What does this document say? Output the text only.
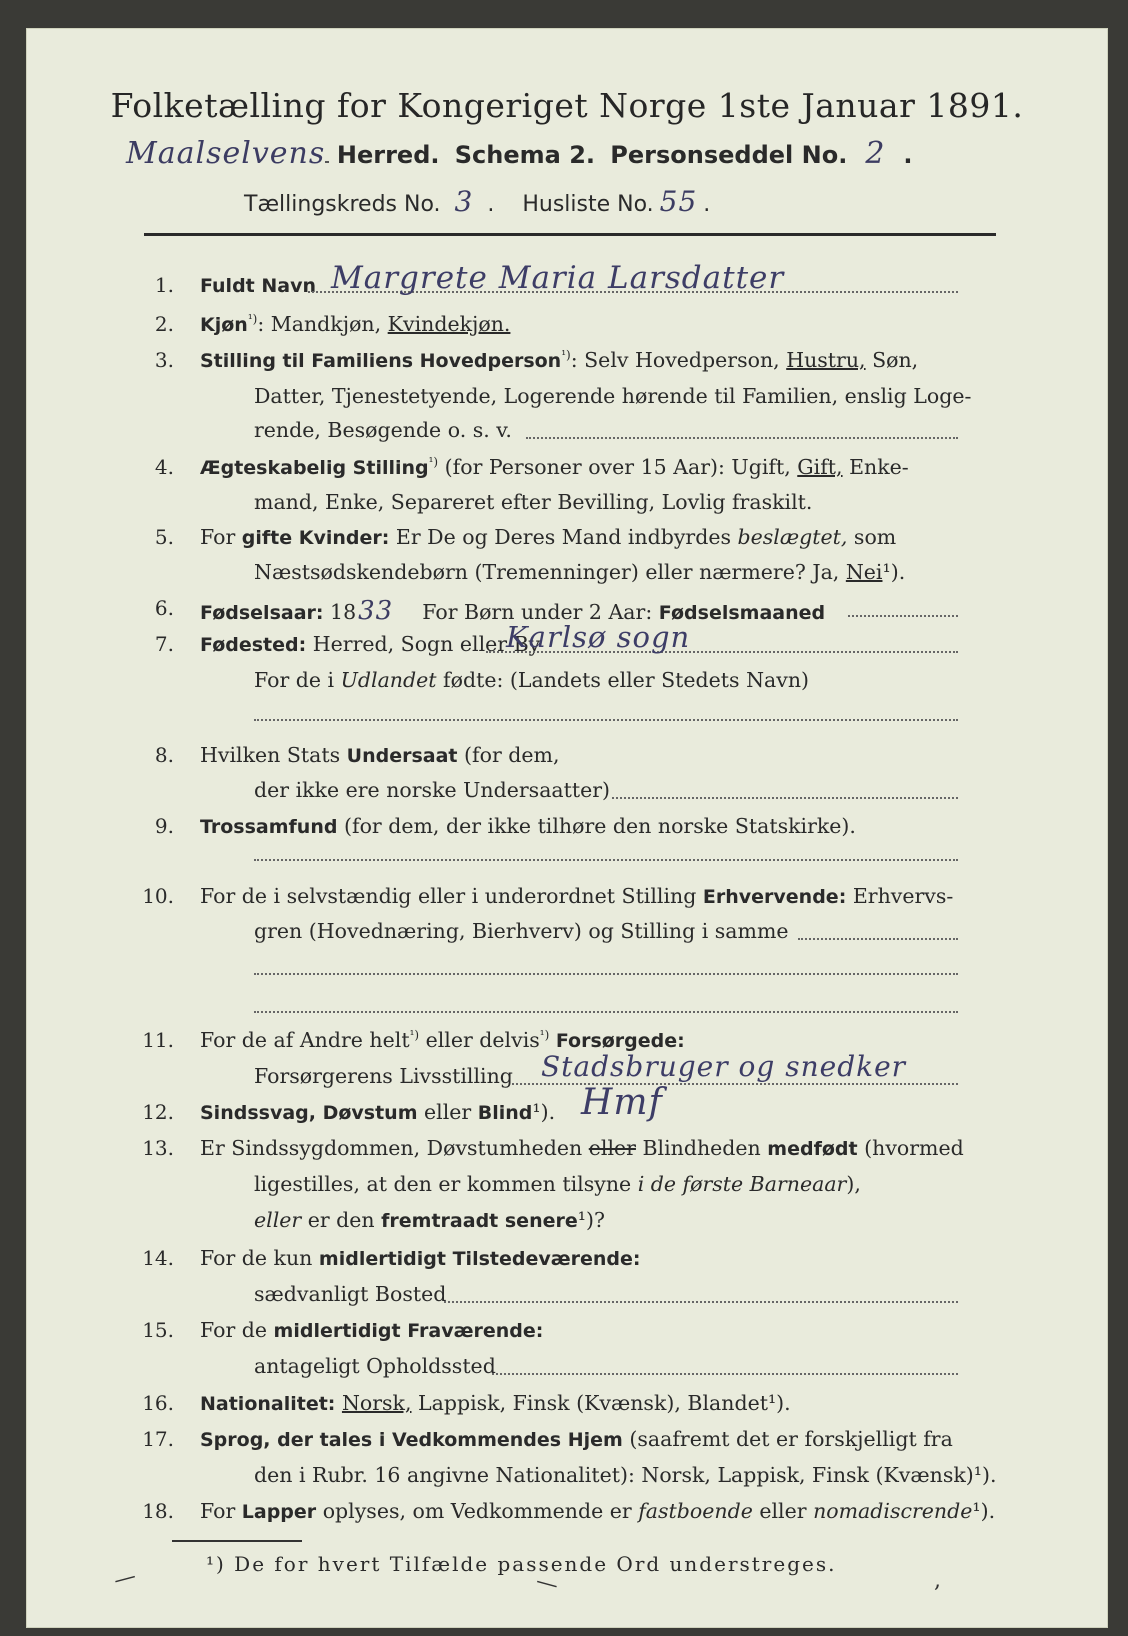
Folketælling for Kongeriget Norge 1ste Januar 1891.
Maalselvens Herred. Schema 2. Personseddel No. 2 .
Tællingskreds No. 3 .    Husliste No. 55 .
1. Fuldt Navn Margrete Maria Larsdatter
2. Kjøn$^{^1)}$: Mandkjøn, Kvindekjøn.
3. Stilling til Familiens Hovedperson$^{^1)}$: Selv Hovedperson, Hustru, Søn,
Datter, Tjenestetyende, Logerende hørende til Familien, enslig Loge-
rende, Besøgende o. s. v.
4. Ægteskabelig Stilling$^{^1)}$ (for Personer over 15 Aar): Ugift, Gift, Enke-
mand, Enke, Separeret efter Bevilling, Lovlig fraskilt.
5. For gifte Kvinder: Er De og Deres Mand indbyrdes beslægtet, som
Næstsødskendebørn (Tremenninger) eller nærmere? Ja, Nei¹).
6. Fødselsaar: 1833 For Børn under 2 Aar: Fødselsmaaned
7. Fødested: Herred, Sogn eller By
Karlsø sogn
For de i Udlandet fødte: (Landets eller Stedets Navn)
8. Hvilken Stats Undersaat (for dem,
der ikke ere norske Undersaatter)
9. Trossamfund (for dem, der ikke tilhøre den norske Statskirke).
10. For de i selvstændig eller i underordnet Stilling Erhvervende: Erhvervs-
gren (Hovednæring, Bierhverv) og Stilling i samme
11. For de af Andre helt$^{^1)}$ eller delvis$^{^1)}$ Forsørgede:
Forsørgerens Livsstilling Stadsbruger og snedker
12. Sindssvag, Døvstum eller Blind¹). Hmf
13. Er Sindssygdommen, Døvstumheden eller Blindheden medfødt (hvormed
ligestilles, at den er kommen tilsyne i de første Barneaar),
eller er den fremtraadt senere¹)?
14. For de kun midlertidigt Tilstedeværende:
sædvanligt Bosted
15. For de midlertidigt Fraværende:
antageligt Opholdssted
16. Nationalitet: Norsk, Lappisk, Finsk (Kvænsk), Blandet¹).
17. Sprog, der tales i Vedkommendes Hjem (saafremt det er forskjelligt fra
den i Rubr. 16 angivne Nationalitet): Norsk, Lappisk, Finsk (Kvænsk)¹).
18. For Lapper oplyses, om Vedkommende er fastboende eller nomadiscrende¹).
¹) De for hvert Tilfælde passende Ord understreges.
—	—	,
